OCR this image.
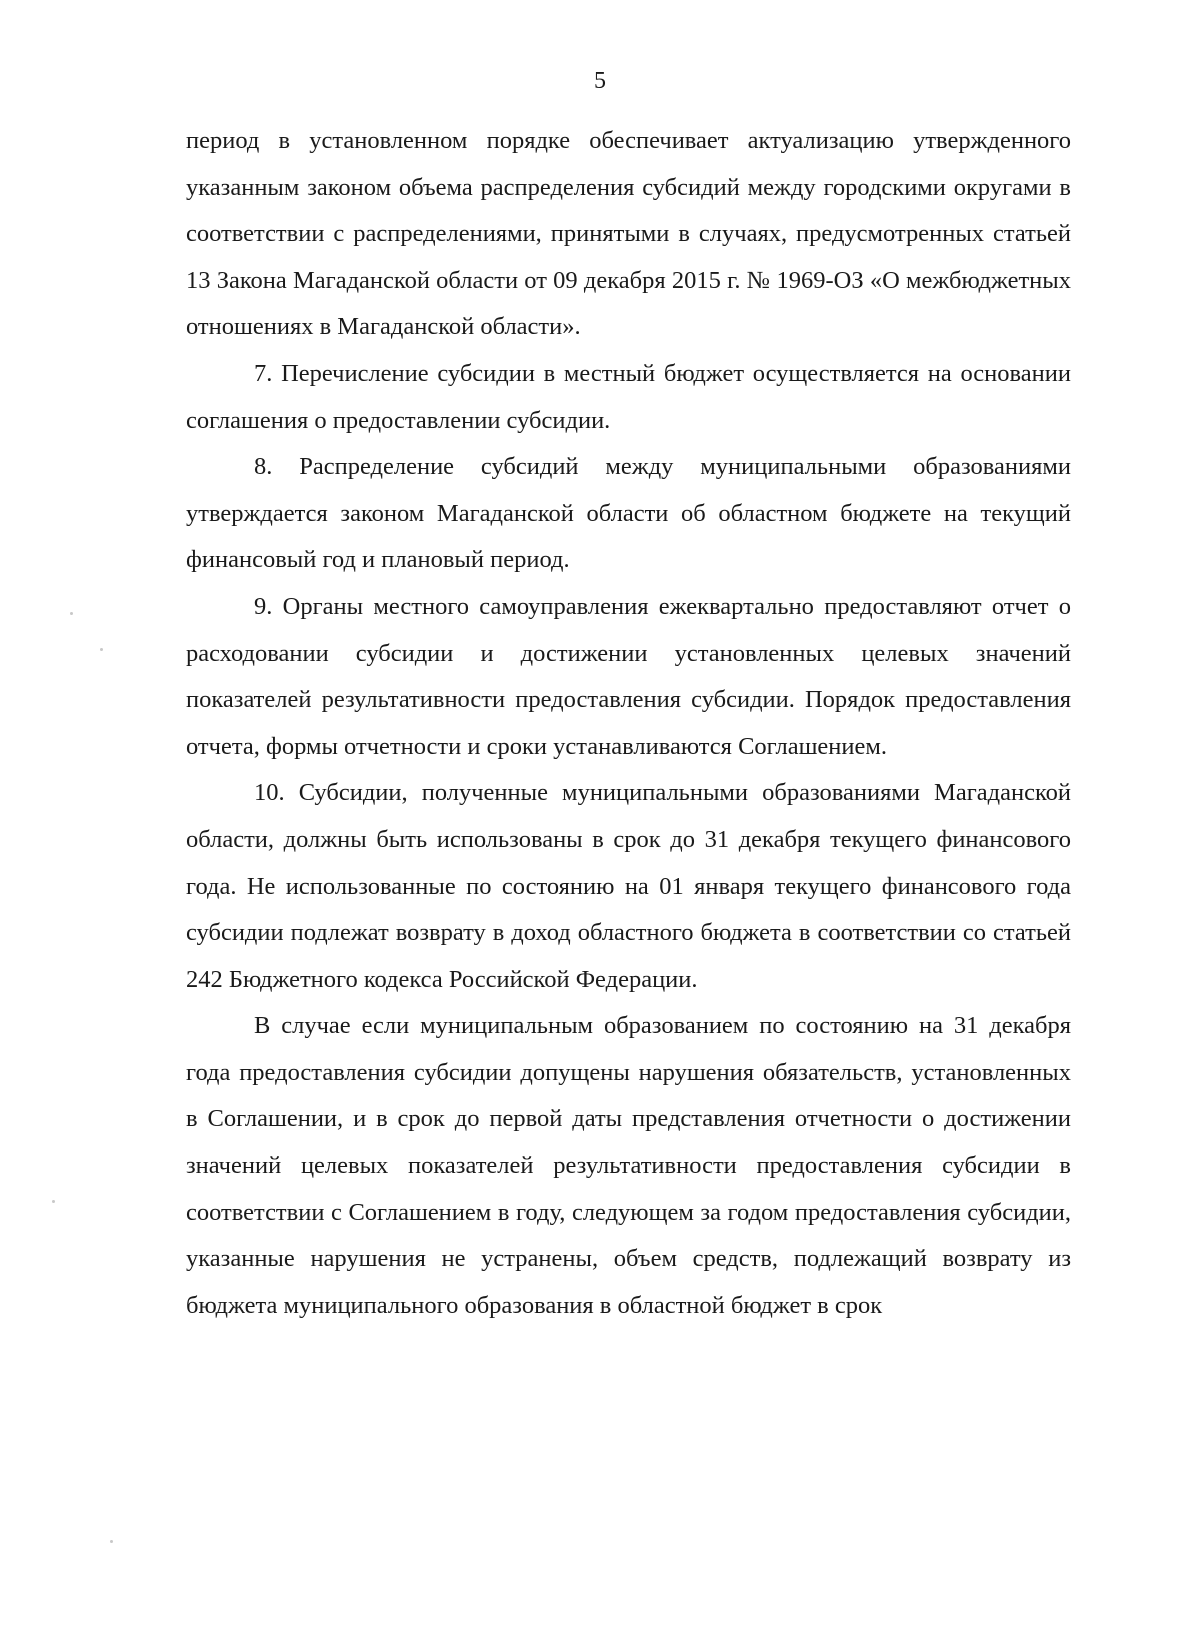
5

период в установленном порядке обеспечивает актуализацию утвержденного указанным законом объема распределения субсидий между городскими округами в соответствии с распределениями, принятыми в случаях, предусмотренных статьей 13 Закона Магаданской области от 09 декабря 2015 г. № 1969-ОЗ «О межбюджетных отношениях в Магаданской области».

7. Перечисление субсидии в местный бюджет осуществляется на основании соглашения о предоставлении субсидии.

8. Распределение субсидий между муниципальными образованиями утверждается законом Магаданской области об областном бюджете на текущий финансовый год и плановый период.

9. Органы местного самоуправления ежеквартально предоставляют отчет о расходовании субсидии и достижении установленных целевых значений показателей результативности предоставления субсидии. Порядок предоставления отчета, формы отчетности и сроки устанавливаются Соглашением.

10. Субсидии, полученные муниципальными образованиями Магаданской области, должны быть использованы в срок до 31 декабря текущего финансового года. Не использованные по состоянию на 01 января текущего финансового года субсидии подлежат возврату в доход областного бюджета в соответствии со статьей 242 Бюджетного кодекса Российской Федерации.

В случае если муниципальным образованием по состоянию на 31 декабря года предоставления субсидии допущены нарушения обязательств, установленных в Соглашении, и в срок до первой даты представления отчетности о достижении значений целевых показателей результативности предоставления субсидии в соответствии с Соглашением в году, следующем за годом предоставления субсидии, указанные нарушения не устранены, объем средств, подлежащий возврату из бюджета муниципального образования в областной бюджет в срок
